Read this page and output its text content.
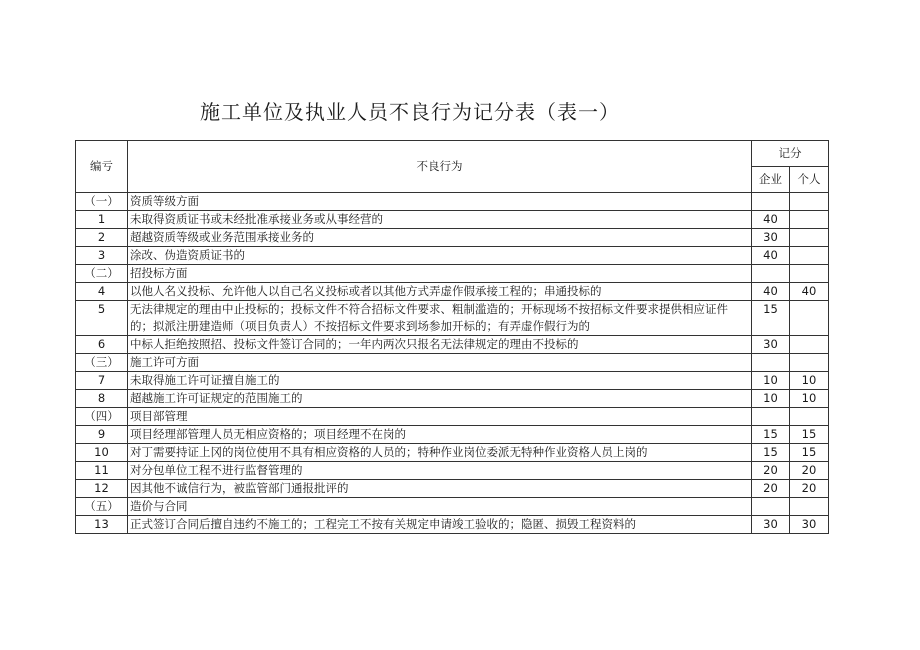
施工单位及执业人员不良行为记分表（表一）
编亏	不良行为	记分	
		企业	个人
（一）	资质等级方面		
1	未取得资质证书或未经批准承接业务或从事经营的	40	
2	超越资质等级或业务范围承接业务的	30	
3	涂改、伪造资质证书的	40	
（二）	招投标方面		
4	以他人名义投标、允许他人以自己名义投标或者以其他方式弄虚作假承接工程的；串通投标的	40	40
5	无法律规定的理由中止投标的；投标文件不符合招标文件要求、粗制滥造的；开标现场不按招标文件要求提供相应证件的；拟派注册建造师（项目负责人）不按招标文件要求到场参加开标的；有弄虚作假行为的	15	
6	中标人拒绝按照招、投标文件签订合同的；一年内两次只报名无法律规定的理由不投标的	30	
（三）	施工许可方面		
7	未取得施工许可证擅自施工的	10	10
8	超越施工许可证规定的范围施工的	10	10
（四）	项目部管理		
9	项目经理部管理人员无相应资格的；项目经理不在岗的	15	15
10	对丁需要持证上冈的岗位使用不具有相应资格的人员的；特种作业岗位委派无特种作业资格人员上岗的	15	15
11	对分包单位工程不进行监督管理的	20	20
12	因其他不诚信行为，被监管部门通报批评的	20	20
（五）	造价与合同		
13	正式签订合同后擅自违约不施工的；工程完工不按有关规定申请竣工验收的；隐匿、损毁工程资料的	30	30
